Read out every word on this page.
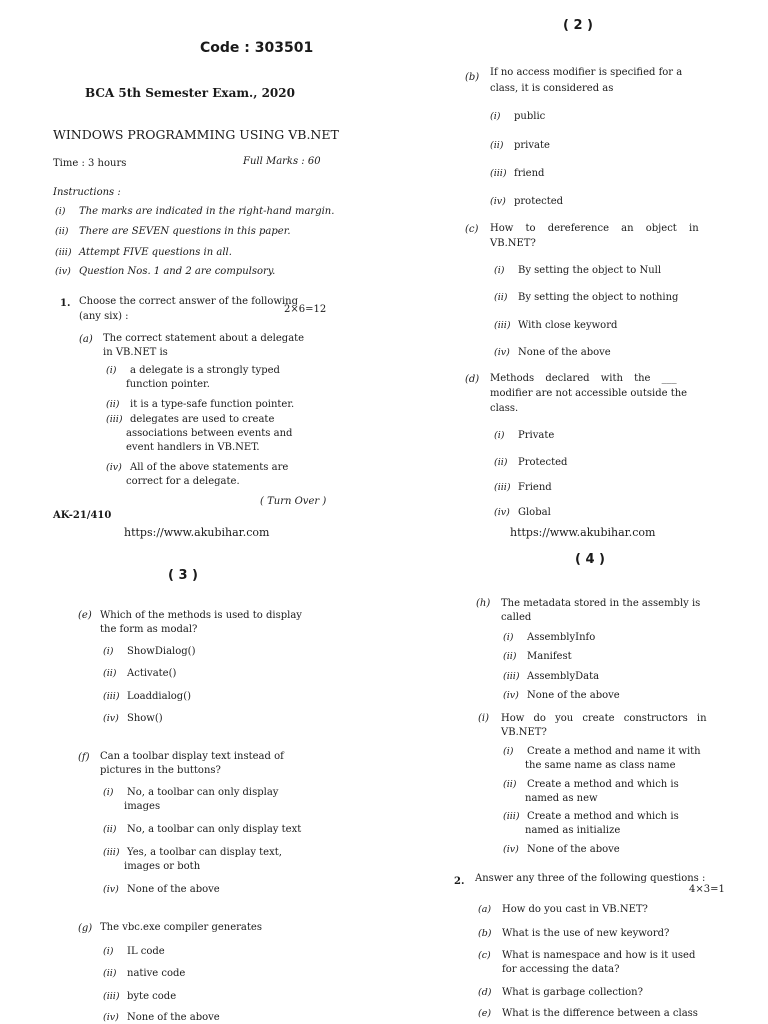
Code : 303501
BCA 5th Semester Exam., 2020
WINDOWS PROGRAMMING USING VB.NET
Time : 3 hours	Full Marks : 60
Instructions :
(i) The marks are indicated in the right-hand margin.
(ii) There are SEVEN questions in this paper.
(iii) Attempt FIVE questions in all.
(iv) Question Nos. 1 and 2 are compulsory.
1. Choose the correct answer of the following
(any six) :
2×6=12
(a) The correct statement about a delegate
in VB.NET is
(i) a delegate is a strongly typed
function pointer.
(ii) it is a type-safe function pointer.
(iii) delegates are used to create
associations between events and
event handlers in VB.NET.
(iv) All of the above statements are
correct for a delegate.
( Turn Over )
AK-21/410
https://www.akubihar.com
( 2 )
(b) If no access modifier is specified for a
class, it is considered as
(i) public
(ii) private
(iii) friend
(iv) protected
(c) How to dereference an object in
VB.NET?
(i) By setting the object to Null
(ii) By setting the object to nothing
(iii) With close keyword
(iv) None of the above
(d) Methods declared with the ___
modifier are not accessible outside the
class.
(i) Private
(ii) Protected
(iii) Friend
(iv) Global
https://www.akubihar.com
( 3 )
(e) Which of the methods is used to display
the form as modal?
(i) ShowDialog()
(ii) Activate()
(iii) Loaddialog()
(iv) Show()
(f) Can a toolbar display text instead of
pictures in the buttons?
(i) No, a toolbar can only display
images
(ii) No, a toolbar can only display text
(iii) Yes, a toolbar can display text,
images or both
(iv) None of the above
(g) The vbc.exe compiler generates
(i) IL code
(ii) native code
(iii) byte code
(iv) None of the above
( 4 )
(h) The metadata stored in the assembly is
called
(i) AssemblyInfo
(ii) Manifest
(iii) AssemblyData
(iv) None of the above
(i) How do you create constructors in
VB.NET?
(i) Create a method and name it with
the same name as class name
(ii) Create a method and which is
named as new
(iii) Create a method and which is
named as initialize
(iv) None of the above
2. Answer any three of the following questions :
4×3=1
(a) How do you cast in VB.NET?
(b) What is the use of new keyword?
(c) What is namespace and how is it used
for accessing the data?
(d) What is garbage collection?
(e) What is the difference between a class
